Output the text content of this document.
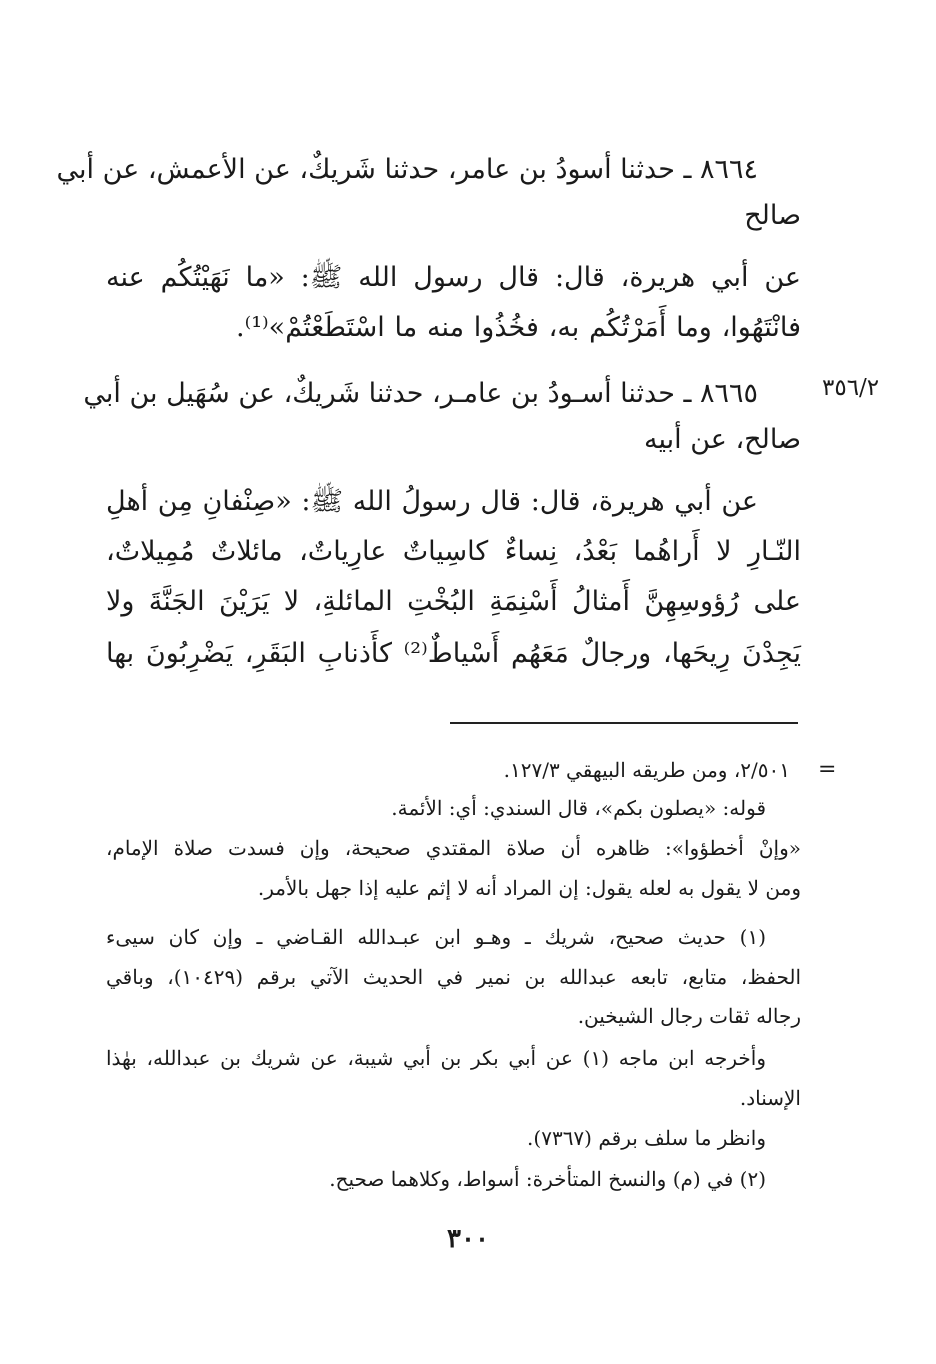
٨٦٦٤ ـ حدثنا أسودُ بن عامر، حدثنا شَريكٌ، عن الأعمش، عن أبي
صالح
عن أبي هريرة، قال: قال رسول الله ﷺ: «ما نَهَيْتُكُم عنه
فانْتَهُوا، وما أَمَرْتُكُم به، فخُذُوا منه ما اسْتَطَعْتُمْ»⁽¹⁾.
٣٥٦/٢
٨٦٦٥ ـ حدثنا أسـودُ بن عامـر، حدثنا شَريكٌ، عن سُهَيل بن أبي
صالح، عن أبيه
عن أبي هريرة، قال: قال رسولُ الله ﷺ: «صِنْفانِ مِن أهلِ
النّـارِ لا أَراهُما بَعْدُ، نِساءٌ كاسِياتٌ عارِياتٌ، مائلاتٌ مُمِيلاتٌ،
على رُؤوسِهِنَّ أَمثالُ أَسْنِمَةِ البُخْتِ المائلةِ، لا يَرَيْنَ الجَنَّةَ ولا
يَجِدْنَ رِيحَها، ورجالٌ مَعَهُم أَسْياطٌ⁽²⁾ كأَذنابِ البَقَرِ، يَضْرِبُونَ بها
=
٢/٥٠١، ومن طريقه البيهقي ١٢٧/٣.
قوله: «يصلون بكم»، قال السندي: أي: الأئمة.
«وإنْ أخطؤوا»: ظاهره أن صلاة المقتدي صحيحة، وإن فسدت صلاة الإمام،
ومن لا يقول به لعله يقول: إن المراد أنه لا إثم عليه إذا جهل بالأمر.
(١) حديث صحيح، شريك ـ وهـو ابن عبـدالله القـاضي ـ وإن كان سيىء
الحفظ، متابع، تابعه عبدالله بن نمير في الحديث الآتي برقم (١٠٤٢٩)، وباقي
رجاله ثقات رجال الشيخين.
وأخرجه ابن ماجه (١) عن أبي بكر بن أبي شيبة، عن شريك بن عبدالله، بهٰذا
الإسناد.
وانظر ما سلف برقم (٧٣٦٧).
(٢) في (م) والنسخ المتأخرة: أسواط، وكلاهما صحيح.
٣٠٠
